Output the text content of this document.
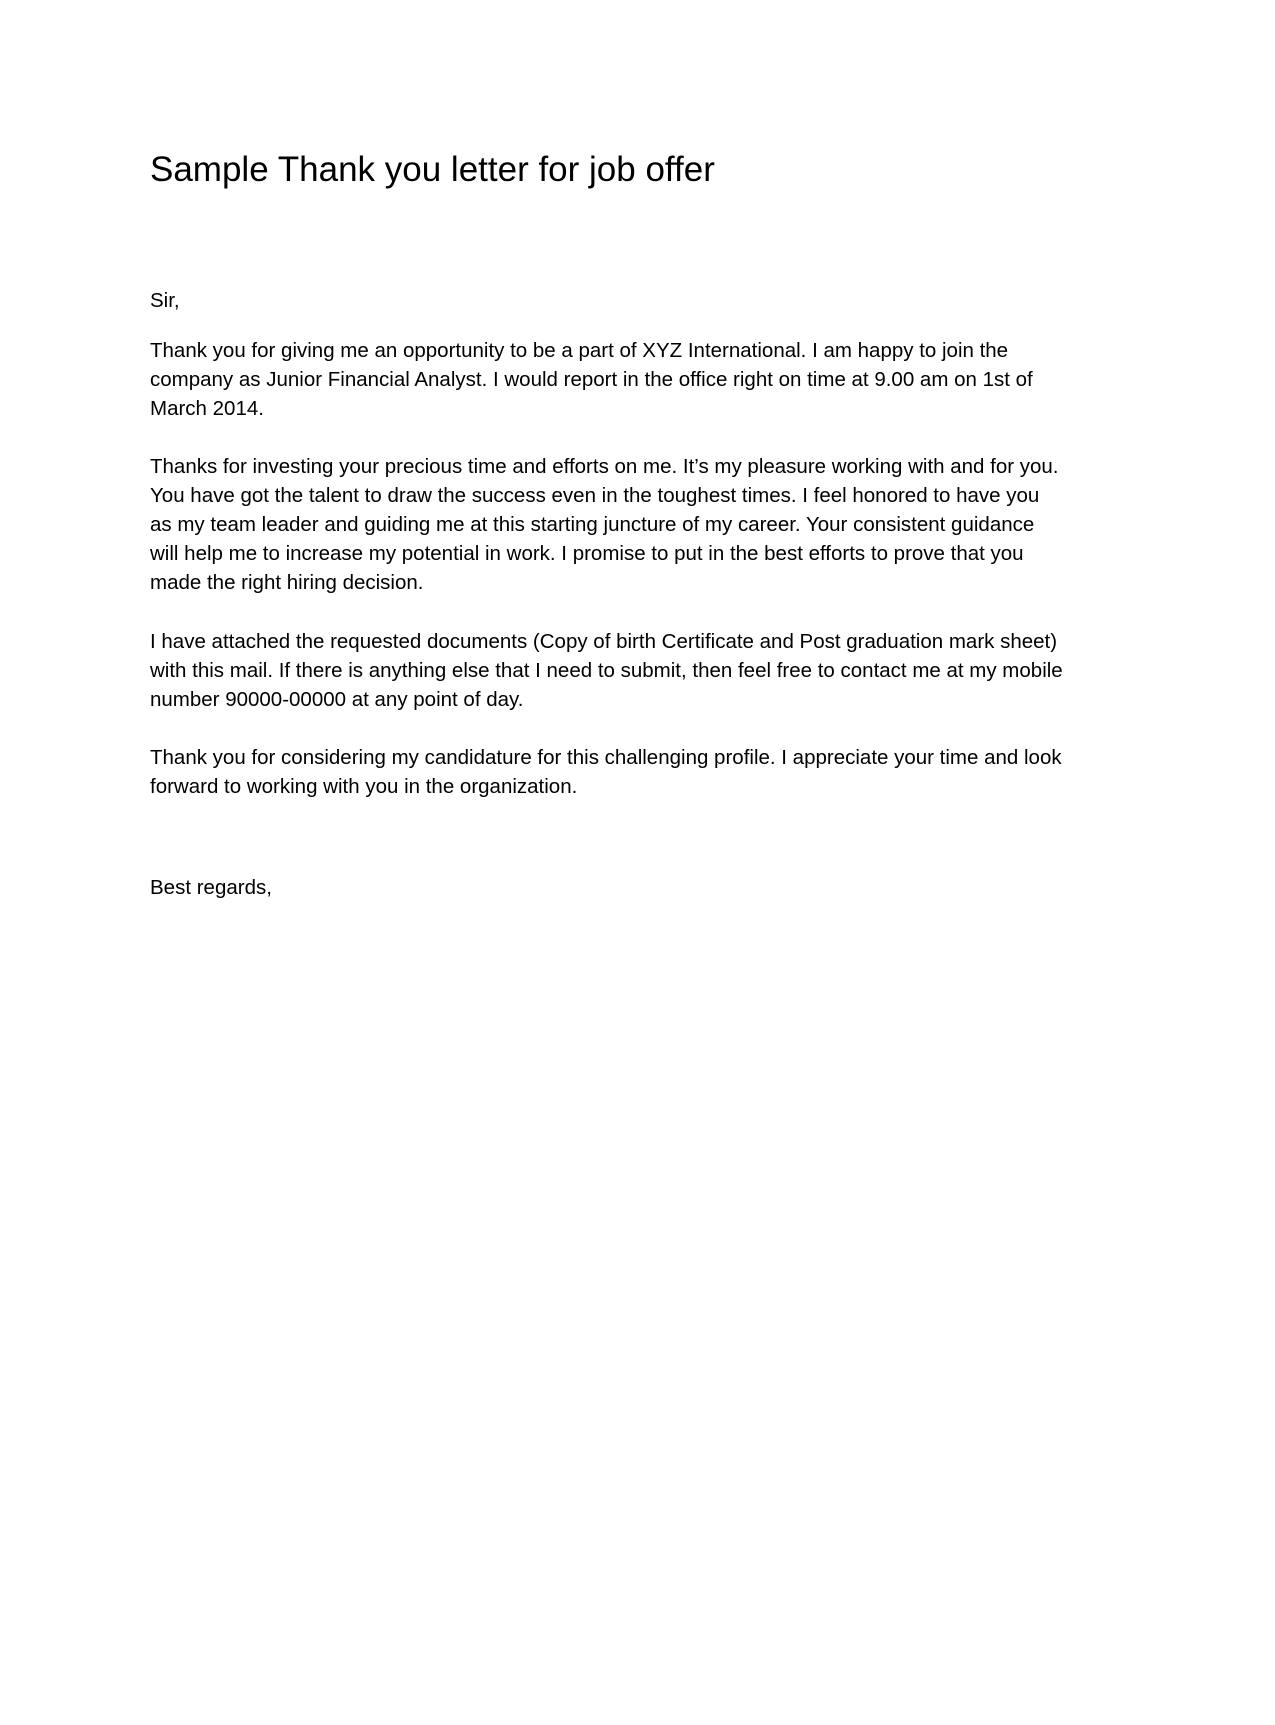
Sample Thank you letter for job offer

Sir,

Thank you for giving me an opportunity to be a part of XYZ International. I am happy to join the
company as Junior Financial Analyst. I would report in the office right on time at 9.00 am on 1st of
March 2014.

Thanks for investing your precious time and efforts on me. It’s my pleasure working with and for you.
You have got the talent to draw the success even in the toughest times. I feel honored to have you
as my team leader and guiding me at this starting juncture of my career. Your consistent guidance
will help me to increase my potential in work. I promise to put in the best efforts to prove that you
made the right hiring decision.

I have attached the requested documents (Copy of birth Certificate and Post graduation mark sheet)
with this mail. If there is anything else that I need to submit, then feel free to contact me at my mobile
number 90000-00000 at any point of day.

Thank you for considering my candidature for this challenging profile. I appreciate your time and look
forward to working with you in the organization.

Best regards,
